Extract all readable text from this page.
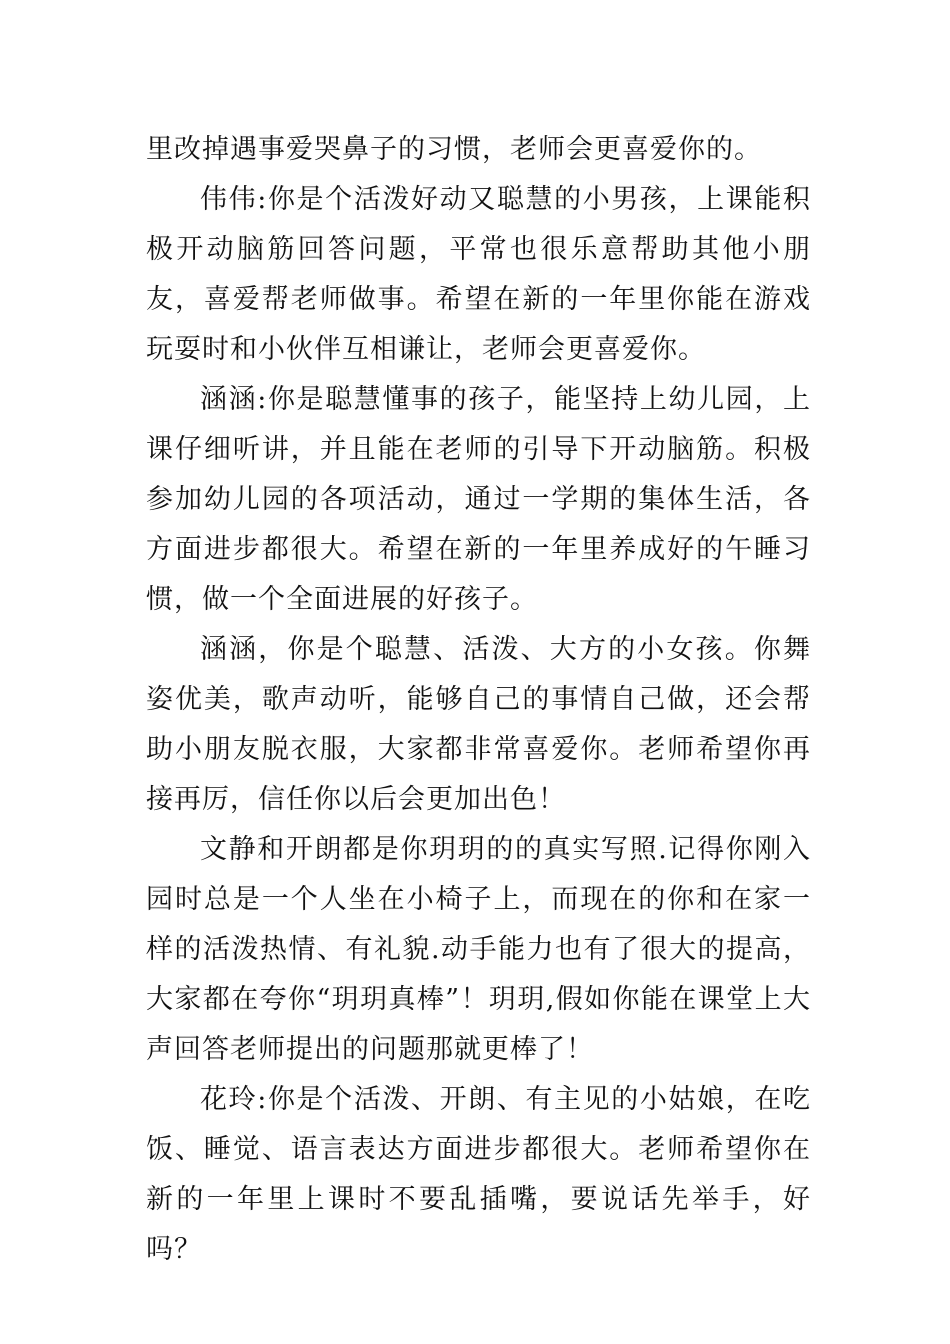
里改掉遇事爱哭鼻子的习惯，老师会更喜爱你的。

伟伟:你是个活泼好动又聪慧的小男孩，上课能积极开动脑筋回答问题，平常也很乐意帮助其他小朋友，喜爱帮老师做事。希望在新的一年里你能在游戏玩耍时和小伙伴互相谦让，老师会更喜爱你。

涵涵:你是聪慧懂事的孩子，能坚持上幼儿园，上课仔细听讲，并且能在老师的引导下开动脑筋。积极参加幼儿园的各项活动，通过一学期的集体生活，各方面进步都很大。希望在新的一年里养成好的午睡习惯，做一个全面进展的好孩子。

涵涵，你是个聪慧、活泼、大方的小女孩。你舞姿优美，歌声动听，能够自己的事情自己做，还会帮助小朋友脱衣服，大家都非常喜爱你。老师希望你再接再厉，信任你以后会更加出色！

文静和开朗都是你玥玥的的真实写照.记得你刚入园时总是一个人坐在小椅子上，而现在的你和在家一样的活泼热情、有礼貌.动手能力也有了很大的提高，大家都在夸你“玥玥真棒”！玥玥,假如你能在课堂上大声回答老师提出的问题那就更棒了！

花玲:你是个活泼、开朗、有主见的小姑娘，在吃饭、睡觉、语言表达方面进步都很大。老师希望你在新的一年里上课时不要乱插嘴，要说话先举手，好吗？
